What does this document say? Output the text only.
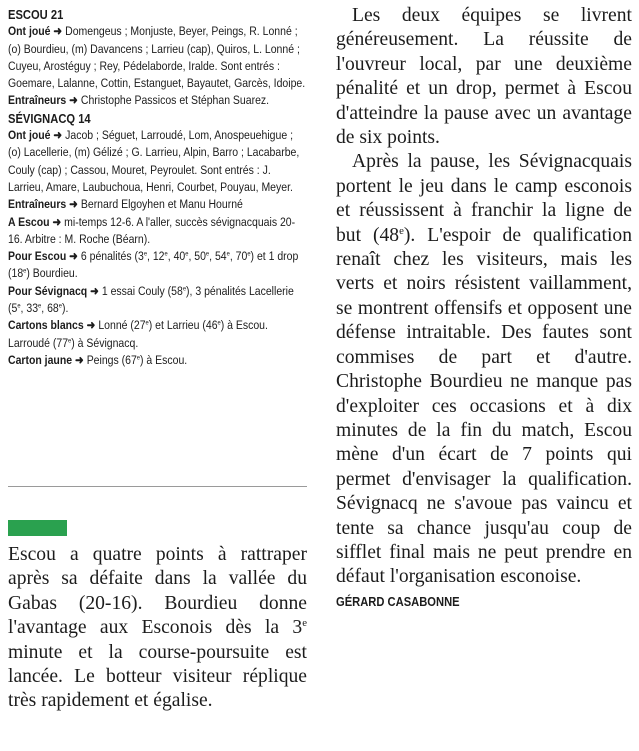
ESCOU 21

Ont joué ➜ Domengeus ; Monjuste, Beyer, Peings, R. Lonné ; (o) Bourdieu, (m) Davancens ; Larrieu (cap), Quiros, L. Lonné ; Cuyeu, Arostéguy ; Rey, Pédelaborde, Iralde. Sont entrés : Goemare, Lalanne, Cottin, Estanguet, Bayautet, Garcès, Idoipe.

Entraîneurs ➜ Christophe Passicos et Stéphan Suarez.

SÉVIGNACQ 14

Ont joué ➜ Jacob ; Séguet, Larroudé, Lom, Anospeuehigue ; (o) Lacellerie, (m) Gélizé ; G. Larrieu, Alpin, Barro ; Lacabarbe, Couly (cap) ; Cassou, Mouret, Peyroulet. Sont entrés : J. Larrieu, Amare, Laubuchoua, Henri, Courbet, Pouyau, Meyer.

Entraîneurs ➜ Bernard Elgoyhen et Manu Hourné

A Escou ➜ mi-temps 12-6. A l'aller, succès sévignacquais 20-16. Arbitre : M. Roche (Béarn).

Pour Escou ➜ 6 pénalités (3e, 12e, 40e, 50e, 54e, 70e) et 1 drop (18e) Bourdieu.

Pour Sévignacq ➜ 1 essai Couly (58e), 3 pénalités Lacellerie (5e, 33e, 68e).

Cartons blancs ➜ Lonné (27e) et Larrieu (46e) à Escou. Larroudé (77e) à Sévignacq.

Carton jaune ➜ Peings (67e) à Escou.

Escou a quatre points à rattraper après sa défaite dans la vallée du Gabas (20-16). Bourdieu donne l'avantage aux Esconois dès la 3e minute et la course-poursuite est lancée. Le botteur visiteur réplique très rapidement et égalise.

Les deux équipes se livrent généreusement. La réussite de l'ouvreur local, par une deuxième pénalité et un drop, permet à Escou d'atteindre la pause avec un avantage de six points.

Après la pause, les Sévignacquais portent le jeu dans le camp esconois et réussissent à franchir la ligne de but (48e). L'espoir de qualification renaît chez les visiteurs, mais les verts et noirs résistent vaillamment, se montrent offensifs et opposent une défense intraitable. Des fautes sont commises de part et d'autre. Christophe Bourdieu ne manque pas d'exploiter ces occasions et à dix minutes de la fin du match, Escou mène d'un écart de 7 points qui permet d'envisager la qualification. Sévignacq ne s'avoue pas vaincu et tente sa chance jusqu'au coup de sifflet final mais ne peut prendre en défaut l'organisation esconoise.

GÉRARD CASABONNE
